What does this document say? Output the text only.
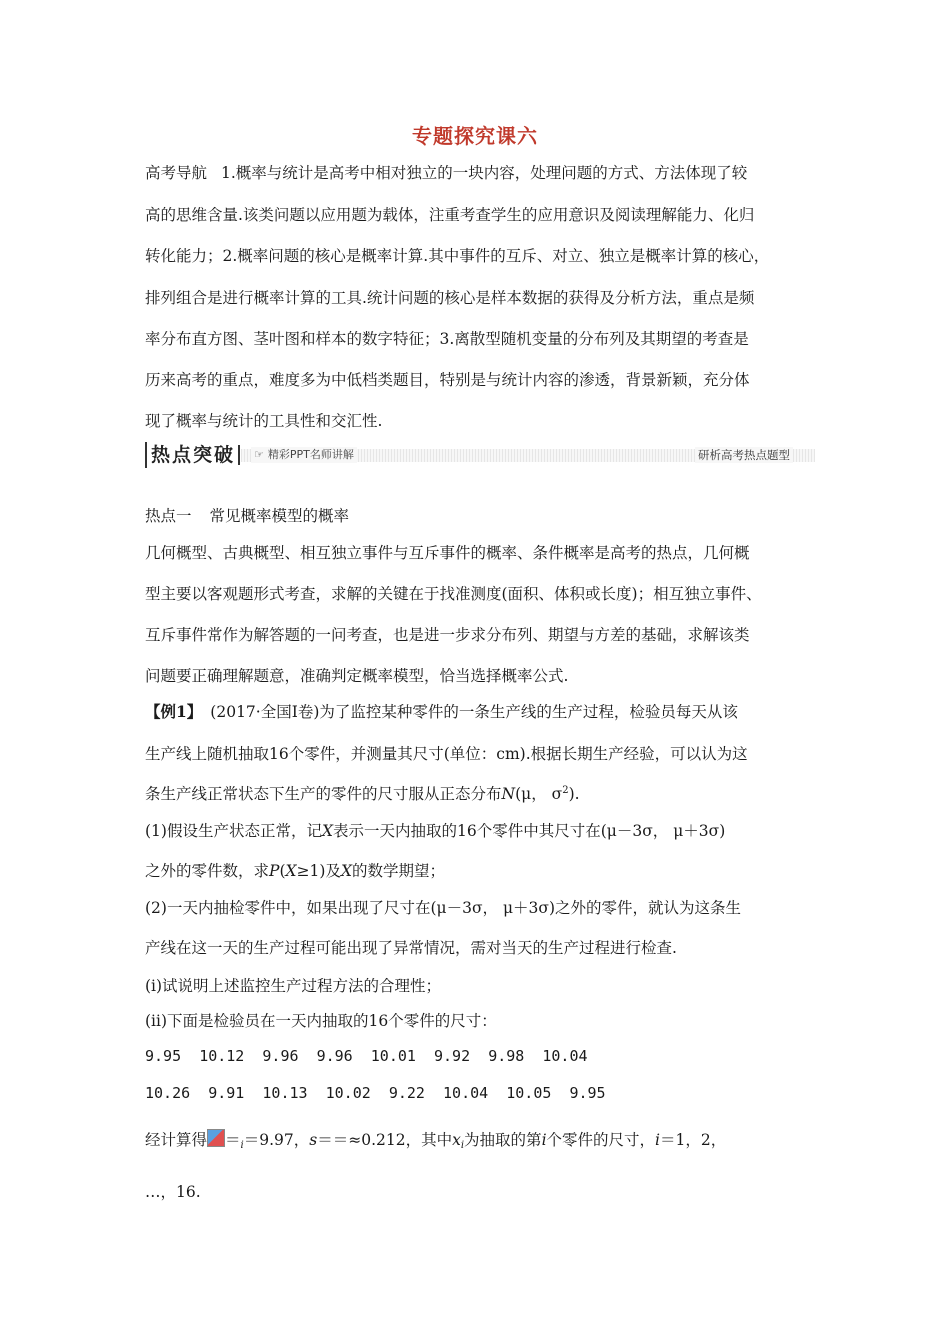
专题探究课六
高考导航 1.概率与统计是高考中相对独立的一块内容，处理问题的方式、方法体现了较
高的思维含量.该类问题以应用题为载体，注重考查学生的应用意识及阅读理解能力、化归
转化能力；2.概率问题的核心是概率计算.其中事件的互斥、对立、独立是概率计算的核心，
排列组合是进行概率计算的工具.统计问题的核心是样本数据的获得及分析方法，重点是频
率分布直方图、茎叶图和样本的数字特征；3.离散型随机变量的分布列及其期望的考查是
历来高考的重点，难度多为中低档类题目，特别是与统计内容的渗透，背景新颖，充分体
现了概率与统计的工具性和交汇性.
热点突破 ☞ 精彩PPT名师讲解	研析高考热点题型
热点一 常见概率模型的概率
几何概型、古典概型、相互独立事件与互斥事件的概率、条件概率是高考的热点，几何概
型主要以客观题形式考查，求解的关键在于找准测度(面积、体积或长度)；相互独立事件、
互斥事件常作为解答题的一问考查，也是进一步求分布列、期望与方差的基础，求解该类
问题要正确理解题意，准确判定概率模型，恰当选择概率公式.
【例1】 (2017·全国Ⅰ卷)为了监控某种零件的一条生产线的生产过程，检验员每天从该
生产线上随机抽取16个零件，并测量其尺寸(单位：cm).根据长期生产经验，可以认为这
条生产线正常状态下生产的零件的尺寸服从正态分布N(μ， $\sigma^2$).
(1)假设生产状态正常，记X表示一天内抽取的16个零件中其尺寸在(μ－3σ， μ＋3σ)
之外的零件数，求P(X≥1)及X的数学期望；
(2)一天内抽检零件中，如果出现了尺寸在(μ－3σ， μ＋3σ)之外的零件，就认为这条生
产线在这一天的生产过程可能出现了异常情况，需对当天的生产过程进行检查.
(ⅰ)试说明上述监控生产过程方法的合理性；
(ⅱ)下面是检验员在一天内抽取的16个零件的尺寸：
9.95 10.12 9.96 9.96 10.01 9.92 9.98 10.04
10.26 9.91 10.13 10.02 9.22 10.04 10.05 9.95
经计算得 $=_i=9.97$，s＝＝≈0.212，其中$x_i$为抽取的第i个零件的尺寸，i＝1，2，
…，16.
